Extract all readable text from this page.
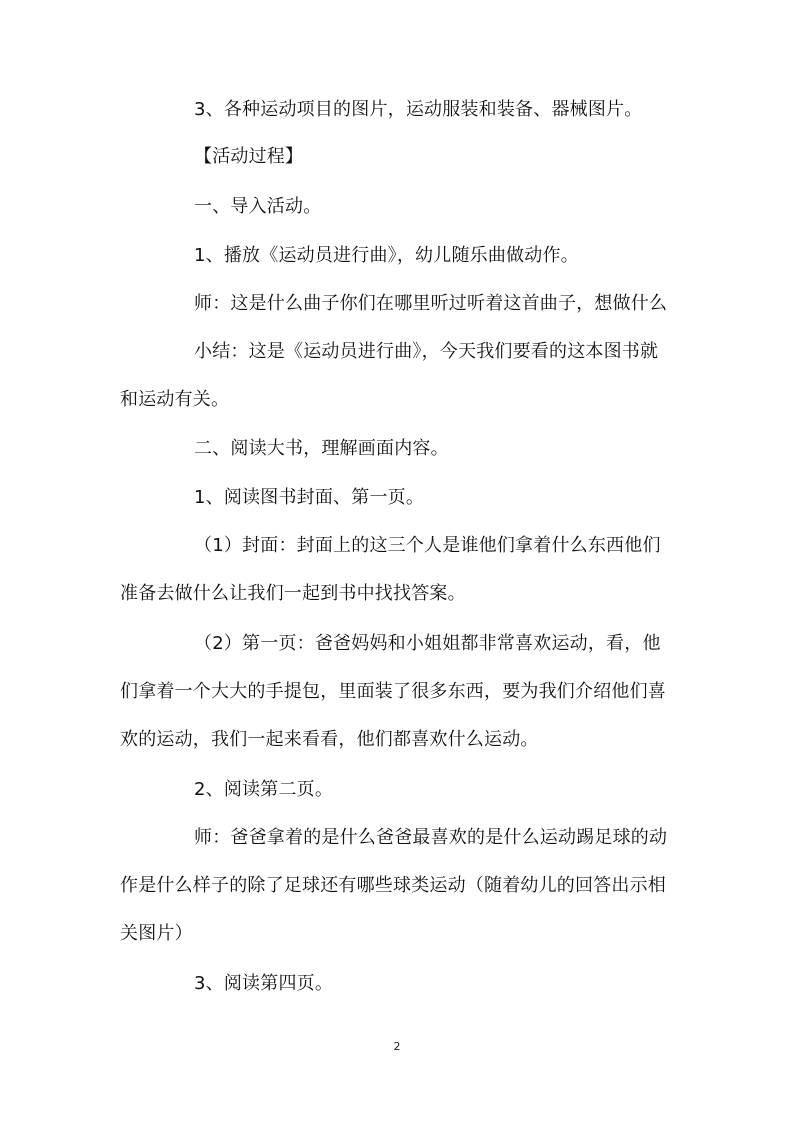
3、各种运动项目的图片，运动服装和装备、器械图片。
【活动过程】
一、导入活动。
1、播放《运动员进行曲》，幼儿随乐曲做动作。
师：这是什么曲子你们在哪里听过听着这首曲子，想做什么
小结：这是《运动员进行曲》，今天我们要看的这本图书就
和运动有关。
二、阅读大书，理解画面内容。
1、阅读图书封面、第一页。
（1）封面：封面上的这三个人是谁他们拿着什么东西他们
准备去做什么让我们一起到书中找找答案。
（2）第一页：爸爸妈妈和小姐姐都非常喜欢运动，看，他
们拿着一个大大的手提包，里面装了很多东西，要为我们介绍他们喜
欢的运动，我们一起来看看，他们都喜欢什么运动。
2、阅读第二页。
师：爸爸拿着的是什么爸爸最喜欢的是什么运动踢足球的动
作是什么样子的除了足球还有哪些球类运动（随着幼儿的回答出示相
关图片）
3、阅读第四页。
2
